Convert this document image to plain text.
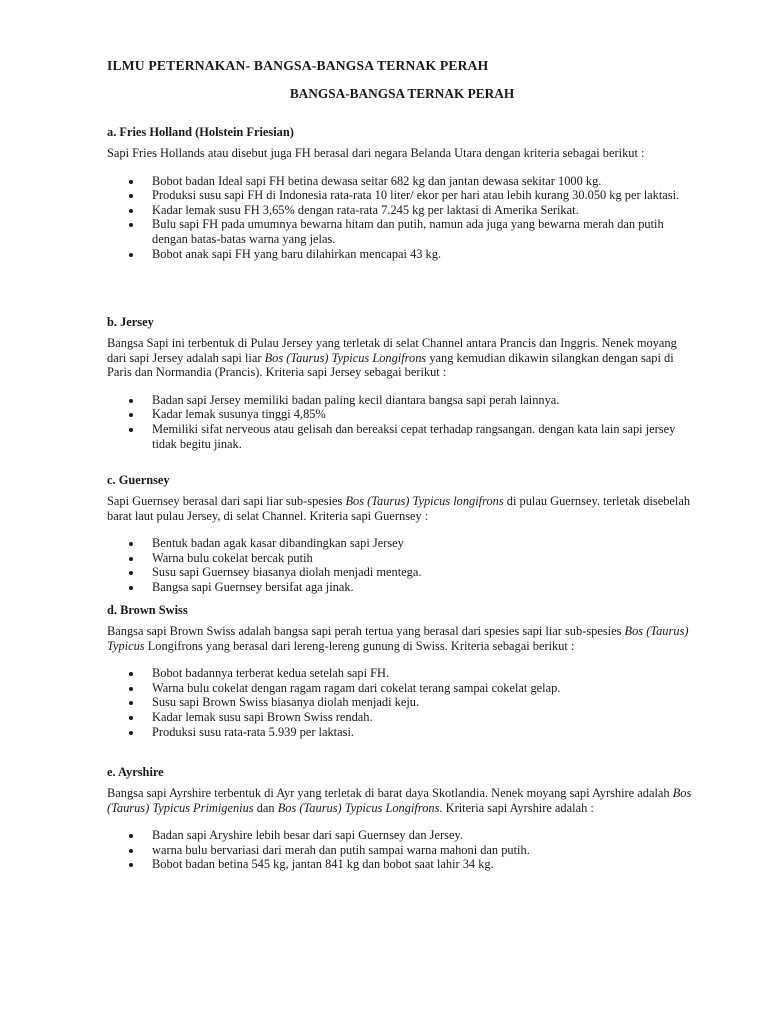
ILMU PETERNAKAN- BANGSA-BANGSA TERNAK PERAH
BANGSA-BANGSA TERNAK PERAH
a. Fries Holland (Holstein Friesian)

Sapi Fries Hollands atau disebut juga FH berasal dari negara Belanda Utara dengan kriteria sebagai berikut :

Bobot badan Ideal sapi FH betina dewasa seitar 682 kg dan jantan dewasa sekitar 1000 kg.
Produksi susu sapi FH di Indonesia rata-rata 10 liter/ ekor per hari atau lebih kurang 30.050 kg per laktasi.
Kadar lemak susu FH 3,65% dengan rata-rata 7.245 kg per laktasi di Amerika Serikat.
Bulu sapi FH pada umumnya bewarna hitam dan putih, namun ada juga yang bewarna merah dan putih dengan batas-batas warna yang jelas.
Bobot anak sapi FH yang baru dilahirkan mencapai 43 kg.
b. Jersey

Bangsa Sapi ini terbentuk di Pulau Jersey yang terletak di selat Channel antara Prancis dan Inggris. Nenek moyang dari sapi Jersey adalah sapi liar Bos (Taurus) Typicus Longifrons yang kemudian dikawin silangkan dengan sapi di Paris dan Normandia (Prancis). Kriteria sapi Jersey sebagai berikut :

Badan sapi Jersey memiliki badan paling kecil diantara bangsa sapi perah lainnya.
Kadar lemak susunya tinggi 4,85%
Memiliki sifat nerveous atau gelisah dan bereaksi cepat terhadap rangsangan. dengan kata lain sapi jersey tidak begitu jinak.
c. Guernsey

Sapi Guernsey berasal dari sapi liar sub-spesies Bos (Taurus) Typicus longifrons di pulau Guernsey. terletak disebelah barat laut pulau Jersey, di selat Channel. Kriteria sapi Guernsey :

Bentuk badan agak kasar dibandingkan sapi Jersey
Warna bulu cokelat bercak putih
Susu sapi Guernsey biasanya diolah menjadi mentega.
Bangsa sapi Guernsey bersifat aga jinak.
d. Brown Swiss

Bangsa sapi Brown Swiss adalah bangsa sapi perah tertua yang berasal dari spesies sapi liar sub-spesies Bos (Taurus) Typicus Longifrons yang berasal dari lereng-lereng gunung di Swiss. Kriteria sebagai berikut :

Bobot badannya terberat kedua setelah sapi FH.
Warna bulu cokelat dengan ragam ragam dari cokelat terang sampai cokelat gelap.
Susu sapi Brown Swiss biasanya diolah menjadi keju.
Kadar lemak susu sapi Brown Swiss rendah.
Produksi susu rata-rata 5.939 per laktasi.
e. Ayrshire

Bangsa sapi Ayrshire terbentuk di Ayr yang terletak di barat daya Skotlandia. Nenek moyang sapi Ayrshire adalah Bos (Taurus) Typicus Primigenius dan Bos (Taurus) Typicus Longifrons. Kriteria sapi Ayrshire adalah :

Badan sapi Aryshire lebih besar dari sapi Guernsey dan Jersey.
warna bulu bervariasi dari merah dan putih sampai warna mahoni dan putih.
Bobot badan betina 545 kg, jantan 841 kg dan bobot saat lahir 34 kg.
